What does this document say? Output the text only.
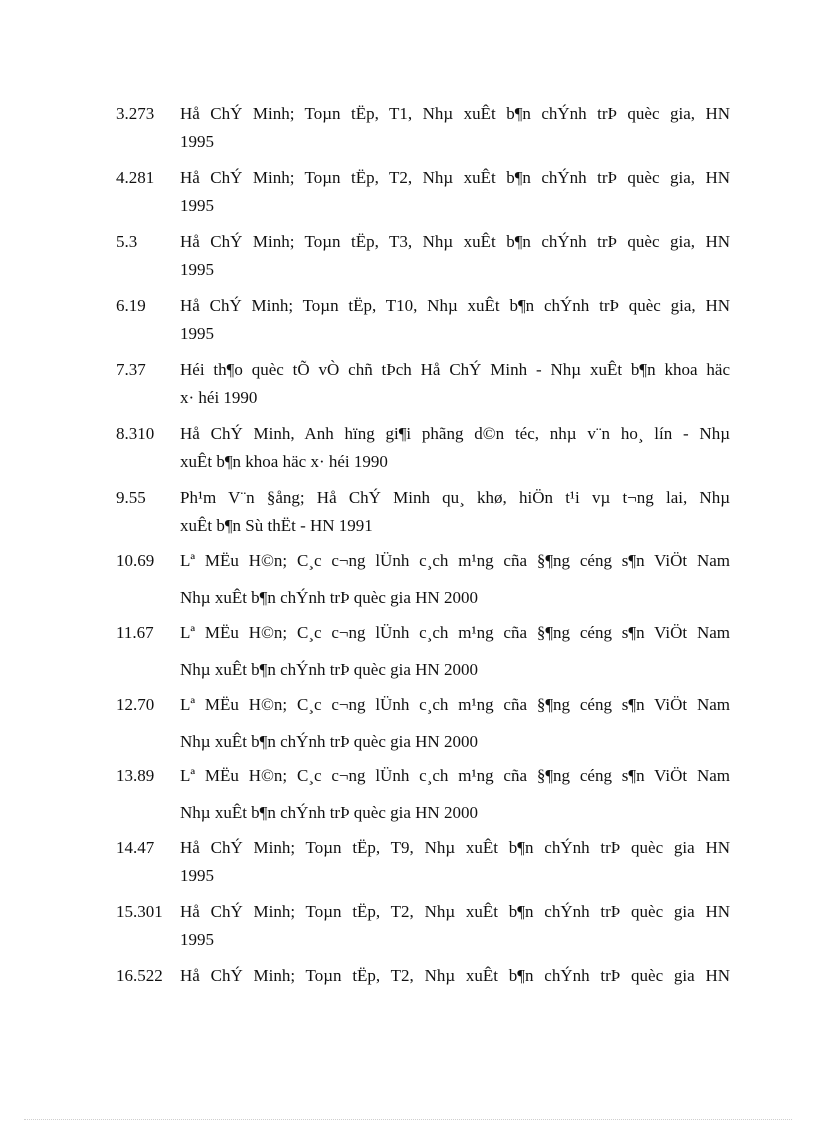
3.273	Hå ChÝ Minh; Toµn tËp, T1, Nhµ xuÊt b¶n chÝnh trÞ quèc gia, HN
1995
4.281	Hå ChÝ Minh; Toµn tËp, T2, Nhµ xuÊt b¶n chÝnh trÞ quèc gia, HN
1995
5.3	Hå ChÝ Minh; Toµn tËp, T3, Nhµ xuÊt b¶n chÝnh trÞ quèc gia, HN
1995
6.19	Hå ChÝ Minh; Toµn tËp, T10, Nhµ xuÊt b¶n chÝnh trÞ quèc gia, HN
1995
7.37	Héi th¶o quèc tÕ vÒ chñ tÞch Hå ChÝ Minh - Nhµ xuÊt b¶n khoa häc
x· héi 1990
8.310	Hå ChÝ Minh, Anh hïng gi¶i phãng d©n téc, nhµ v¨n ho¸ lín - Nhµ
xuÊt b¶n khoa häc x· héi 1990
9.55	Ph¹m V¨n §ång; Hå ChÝ Minh qu¸ khø, hiÖn t¹i vµ t¬ng lai, Nhµ
xuÊt b¶n Sù thËt - HN 1991
10.69	Lª MËu H©n; C¸c c¬ng lÜnh c¸ch m¹ng cña §¶ng céng s¶n ViÖt Nam
Nhµ xuÊt b¶n chÝnh trÞ quèc gia HN 2000
11.67	Lª MËu H©n; C¸c c¬ng lÜnh c¸ch m¹ng cña §¶ng céng s¶n ViÖt Nam
Nhµ xuÊt b¶n chÝnh trÞ quèc gia HN 2000
12.70	Lª MËu H©n; C¸c c¬ng lÜnh c¸ch m¹ng cña §¶ng céng s¶n ViÖt Nam
Nhµ xuÊt b¶n chÝnh trÞ quèc gia HN 2000
13.89	Lª MËu H©n; C¸c c¬ng lÜnh c¸ch m¹ng cña §¶ng céng s¶n ViÖt Nam
Nhµ xuÊt b¶n chÝnh trÞ quèc gia HN 2000
14.47	Hå ChÝ Minh; Toµn tËp, T9, Nhµ xuÊt b¶n chÝnh trÞ quèc gia HN
1995
15.301	Hå ChÝ Minh; Toµn tËp, T2, Nhµ xuÊt b¶n chÝnh trÞ quèc gia HN
1995
16.522	Hå ChÝ Minh; Toµn tËp, T2, Nhµ xuÊt b¶n chÝnh trÞ quèc gia HN
